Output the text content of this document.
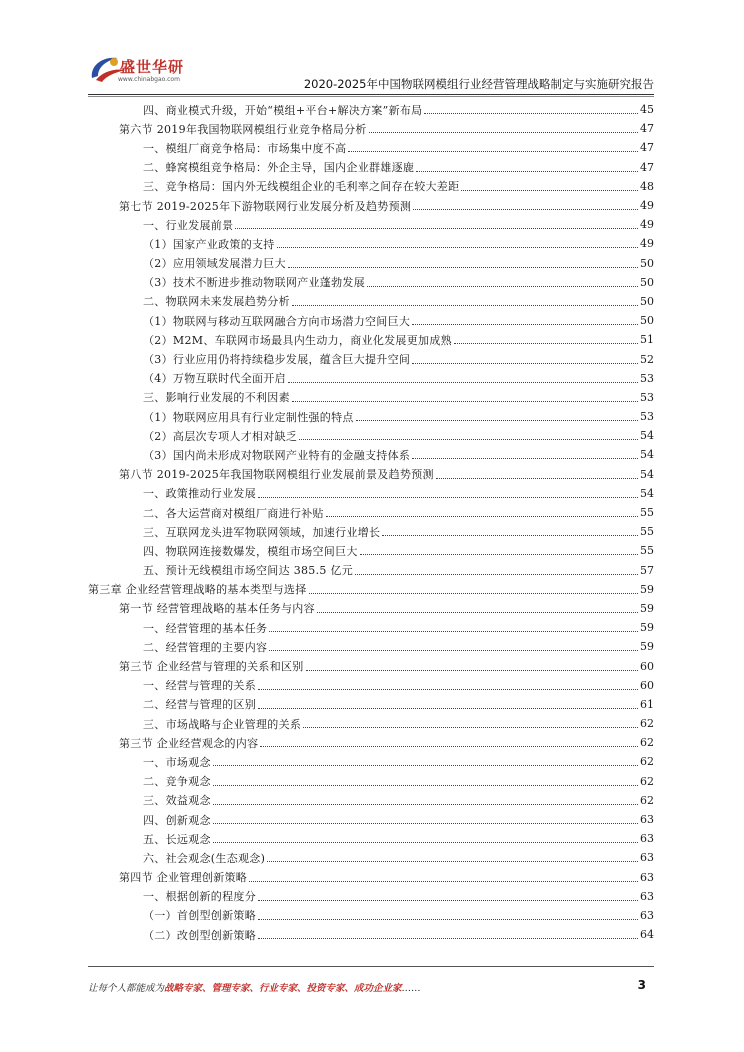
盛世华研
www.chinabgao.com	2020-2025年中国物联网模组行业经营管理战略制定与实施研究报告
四、商业模式升级，开始“模组+平台+解决方案”新布局	45
第六节 2019年我国物联网模组行业竞争格局分析	47
一、模组厂商竞争格局：市场集中度不高	47
二、蜂窝模组竞争格局：外企主导，国内企业群雄逐鹿	47
三、竞争格局：国内外无线模组企业的毛利率之间存在较大差距	48
第七节 2019-2025年下游物联网行业发展分析及趋势预测	49
一、行业发展前景	49
（1）国家产业政策的支持	49
（2）应用领域发展潜力巨大	50
（3）技术不断进步推动物联网产业蓬勃发展	50
二、物联网未来发展趋势分析	50
（1）物联网与移动互联网融合方向市场潜力空间巨大	50
（2）M2M、车联网市场最具内生动力，商业化发展更加成熟	51
（3）行业应用仍将持续稳步发展，蕴含巨大提升空间	52
（4）万物互联时代全面开启	53
三、影响行业发展的不利因素	53
（1）物联网应用具有行业定制性强的特点	53
（2）高层次专项人才相对缺乏	54
（3）国内尚未形成对物联网产业特有的金融支持体系	54
第八节 2019-2025年我国物联网模组行业发展前景及趋势预测	54
一、政策推动行业发展	54
二、各大运营商对模组厂商进行补贴	55
三、互联网龙头进军物联网领域，加速行业增长	55
四、物联网连接数爆发，模组市场空间巨大	55
五、预计无线模组市场空间达 385.5 亿元	57
第三章 企业经营管理战略的基本类型与选择	59
第一节 经营管理战略的基本任务与内容	59
一、经营管理的基本任务	59
二、经营管理的主要内容	59
第三节 企业经营与管理的关系和区别	60
一、经营与管理的关系	60
二、经营与管理的区别	61
三、市场战略与企业管理的关系	62
第三节 企业经营观念的内容	62
一、市场观念	62
二、竞争观念	62
三、效益观念	62
四、创新观念	63
五、长远观念	63
六、社会观念(生态观念)	63
第四节 企业管理创新策略	63
一、根据创新的程度分	63
（一）首创型创新策略	63
（二）改创型创新策略	64
让每个人都能成为战略专家、管理专家、行业专家、投资专家、成功企业家……	3
